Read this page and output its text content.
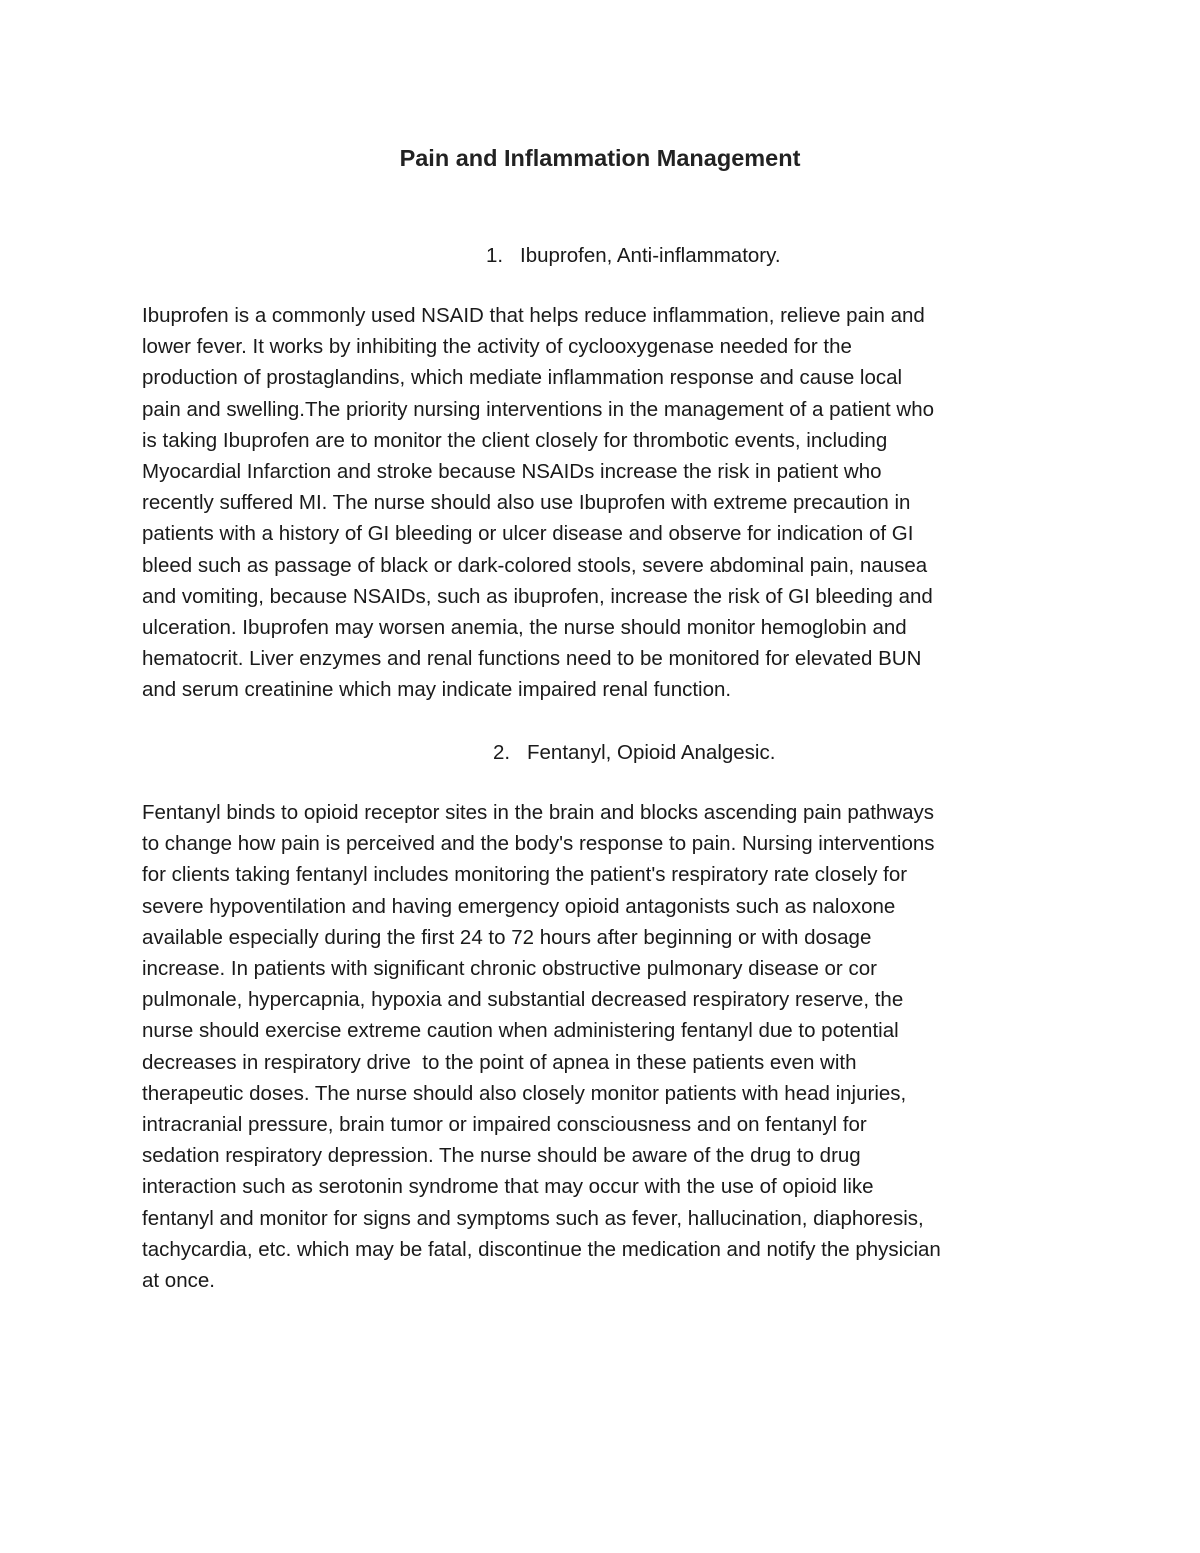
Pain and Inflammation Management
1. Ibuprofen, Anti-inflammatory.
Ibuprofen is a commonly used NSAID that helps reduce inflammation, relieve pain and
lower fever. It works by inhibiting the activity of cyclooxygenase needed for the
production of prostaglandins, which mediate inflammation response and cause local
pain and swelling.The priority nursing interventions in the management of a patient who
is taking Ibuprofen are to monitor the client closely for thrombotic events, including
Myocardial Infarction and stroke because NSAIDs increase the risk in patient who
recently suffered MI. The nurse should also use Ibuprofen with extreme precaution in
patients with a history of GI bleeding or ulcer disease and observe for indication of GI
bleed such as passage of black or dark-colored stools, severe abdominal pain, nausea
and vomiting, because NSAIDs, such as ibuprofen, increase the risk of GI bleeding and
ulceration. Ibuprofen may worsen anemia, the nurse should monitor hemoglobin and
hematocrit. Liver enzymes and renal functions need to be monitored for elevated BUN
and serum creatinine which may indicate impaired renal function.
2. Fentanyl, Opioid Analgesic.
Fentanyl binds to opioid receptor sites in the brain and blocks ascending pain pathways
to change how pain is perceived and the body's response to pain. Nursing interventions
for clients taking fentanyl includes monitoring the patient's respiratory rate closely for
severe hypoventilation and having emergency opioid antagonists such as naloxone
available especially during the first 24 to 72 hours after beginning or with dosage
increase. In patients with significant chronic obstructive pulmonary disease or cor
pulmonale, hypercapnia, hypoxia and substantial decreased respiratory reserve, the
nurse should exercise extreme caution when administering fentanyl due to potential
decreases in respiratory drive  to the point of apnea in these patients even with
therapeutic doses. The nurse should also closely monitor patients with head injuries,
intracranial pressure, brain tumor or impaired consciousness and on fentanyl for
sedation respiratory depression. The nurse should be aware of the drug to drug
interaction such as serotonin syndrome that may occur with the use of opioid like
fentanyl and monitor for signs and symptoms such as fever, hallucination, diaphoresis,
tachycardia, etc. which may be fatal, discontinue the medication and notify the physician
at once.
